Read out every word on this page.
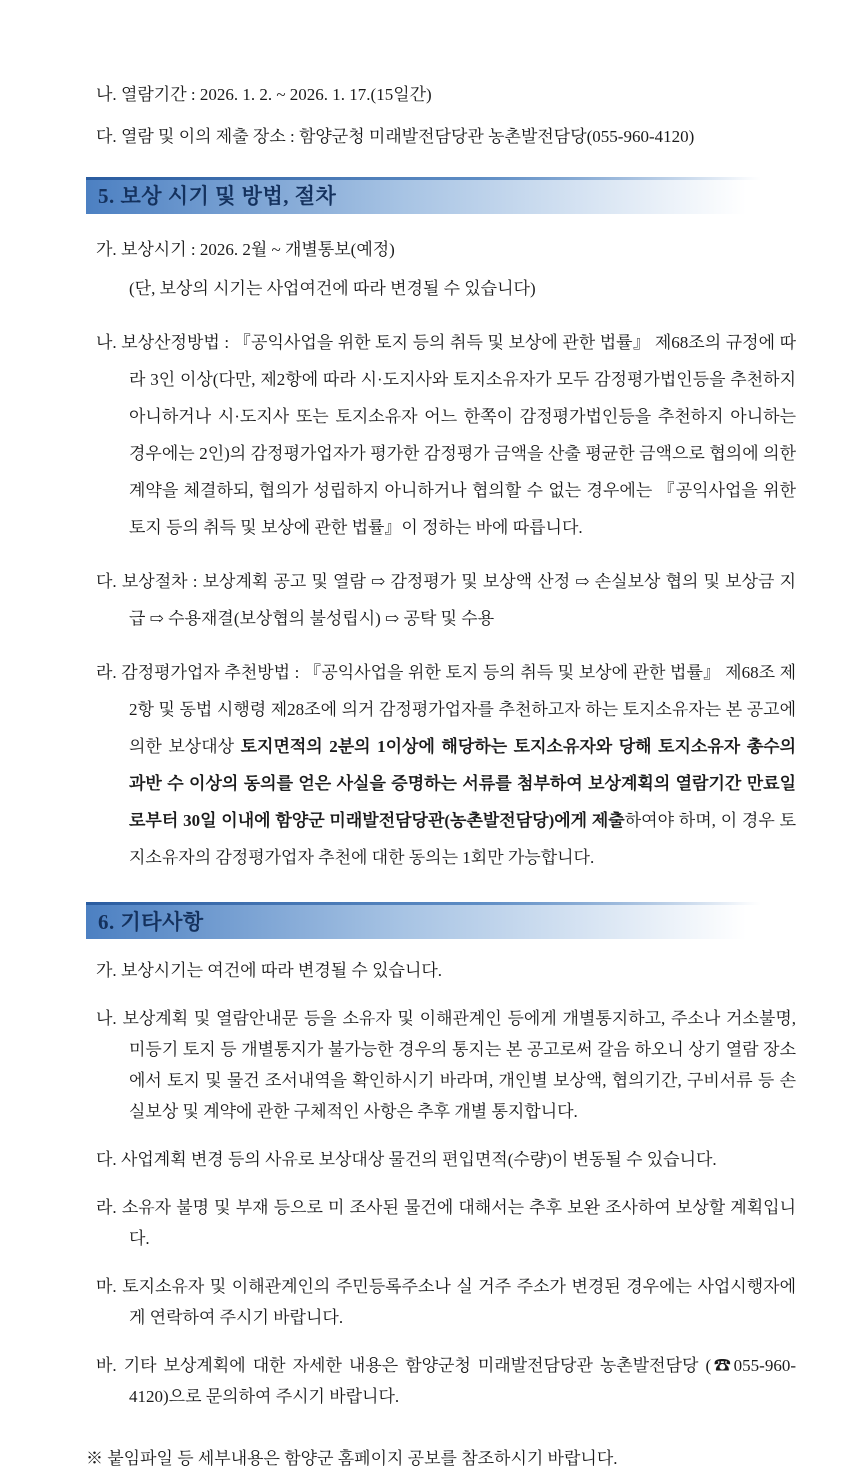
나. 열람기간 : 2026. 1. 2. ~ 2026. 1. 17.(15일간)

다. 열람 및 이의 제출 장소 : 함양군청 미래발전담당관 농촌발전담당(055-960-4120)

5. 보상 시기 및 방법, 절차

가. 보상시기 : 2026. 2월 ~ 개별통보(예정)

(단, 보상의 시기는 사업여건에 따라 변경될 수 있습니다)

나. 보상산정방법 : 『공익사업을 위한 토지 등의 취득 및 보상에 관한 법률』 제68조의 규정에 따라 3인 이상(다만, 제2항에 따라 시·도지사와 토지소유자가 모두 감정평가법인등을 추천하지 아니하거나 시·도지사 또는 토지소유자 어느 한쪽이 감정평가법인등을 추천하지 아니하는 경우에는 2인)의 감정평가업자가 평가한 감정평가 금액을 산출 평균한 금액으로 협의에 의한 계약을 체결하되, 협의가 성립하지 아니하거나 협의할 수 없는 경우에는 『공익사업을 위한 토지 등의 취득 및 보상에 관한 법률』이 정하는 바에 따릅니다.

다. 보상절차 : 보상계획 공고 및 열람 ⇨ 감정평가 및 보상액 산정 ⇨ 손실보상 협의 및 보상금 지급 ⇨ 수용재결(보상협의 불성립시) ⇨ 공탁 및 수용

라. 감정평가업자 추천방법 : 『공익사업을 위한 토지 등의 취득 및 보상에 관한 법률』 제68조 제2항 및 동법 시행령 제28조에 의거 감정평가업자를 추천하고자 하는 토지소유자는 본 공고에 의한 보상대상 토지면적의 2분의 1이상에 해당하는 토지소유자와 당해 토지소유자 총수의 과반 수 이상의 동의를 얻은 사실을 증명하는 서류를 첨부하여 보상계획의 열람기간 만료일로부터 30일 이내에 함양군 미래발전담당관(농촌발전담당)에게 제출하여야 하며, 이 경우 토지소유자의 감정평가업자 추천에 대한 동의는 1회만 가능합니다.

6. 기타사항

가. 보상시기는 여건에 따라 변경될 수 있습니다.

나. 보상계획 및 열람안내문 등을 소유자 및 이해관계인 등에게 개별통지하고, 주소나 거소불명, 미등기 토지 등 개별통지가 불가능한 경우의 통지는 본 공고로써 갈음 하오니 상기 열람 장소에서 토지 및 물건 조서내역을 확인하시기 바라며, 개인별 보상액, 협의기간, 구비서류 등 손실보상 및 계약에 관한 구체적인 사항은 추후 개별 통지합니다.

다. 사업계획 변경 등의 사유로 보상대상 물건의 편입면적(수량)이 변동될 수 있습니다.

라. 소유자 불명 및 부재 등으로 미 조사된 물건에 대해서는 추후 보완 조사하여 보상할 계획입니다.

마. 토지소유자 및 이해관계인의 주민등록주소나 실 거주 주소가 변경된 경우에는 사업시행자에게 연락하여 주시기 바랍니다.

바. 기타 보상계획에 대한 자세한 내용은 함양군청 미래발전담당관 농촌발전담당 (☎055-960-4120)으로 문의하여 주시기 바랍니다.

※ 붙임파일 등 세부내용은 함양군 홈페이지 공보를 참조하시기 바랍니다.
